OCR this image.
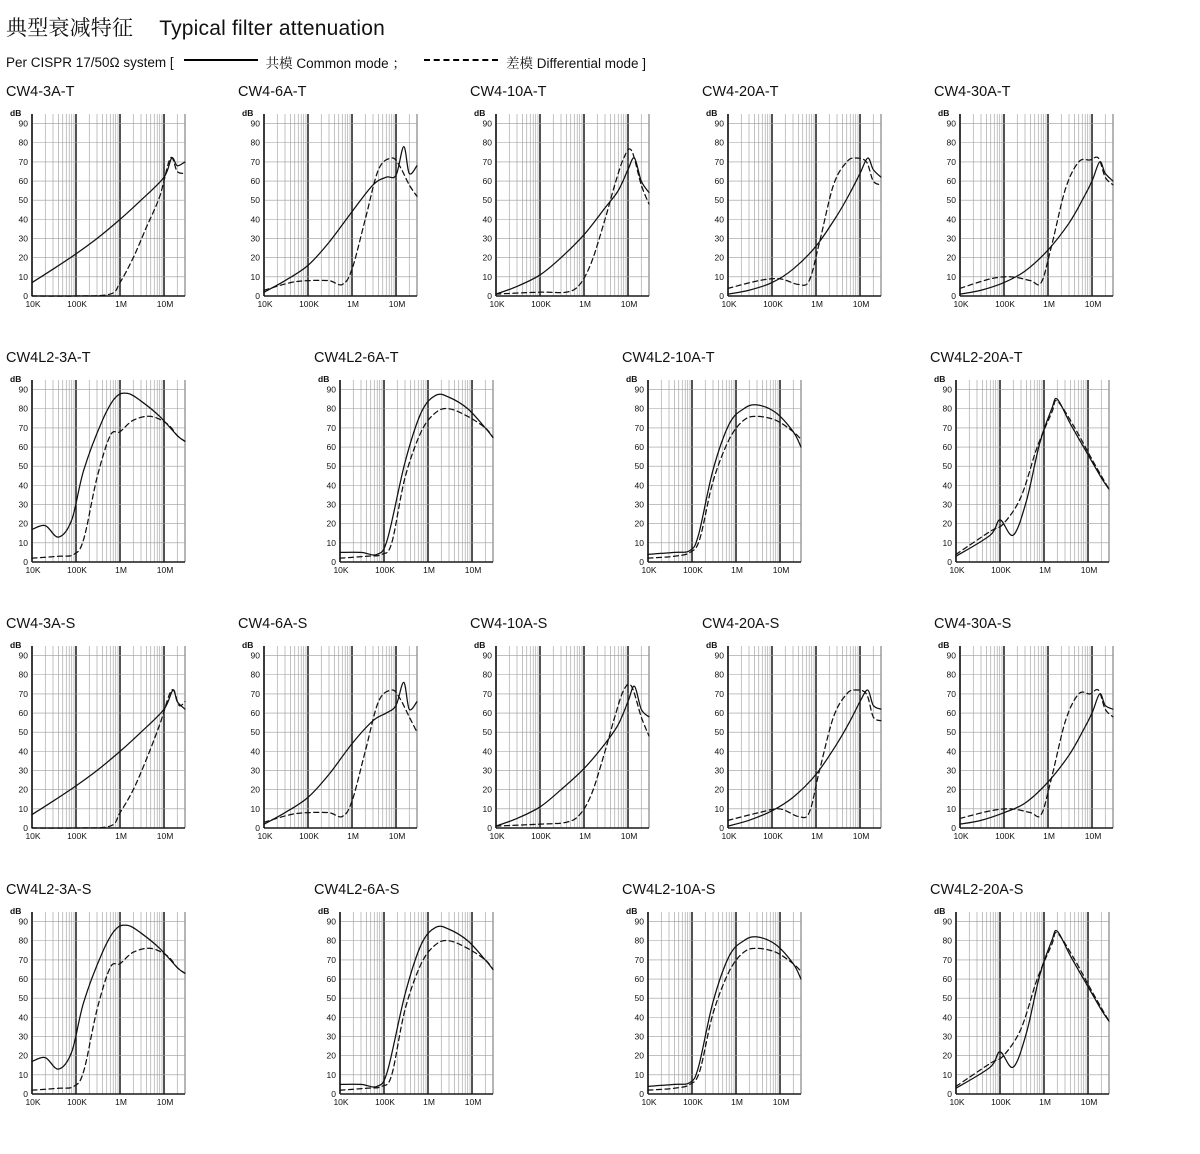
典型衰减特征 Typical filter attenuation
Per CISPR 17/50Ω system [	共模 Common mode ；	差模 Differential mode ]
CW4-3A-T
0
10
20
30
40
50
60
70
80
90
dB
10K	100K	1M	10M
CW4-6A-T
0
10
20
30
40
50
60
70
80
90
dB
10K	100K	1M	10M
CW4-10A-T
0
10
20
30
40
50
60
70
80
90
dB
10K	100K	1M	10M
CW4-20A-T
0
10
20
30
40
50
60
70
80
90
dB
10K	100K	1M	10M
CW4-30A-T
0
10
20
30
40
50
60
70
80
90
dB
10K	100K	1M	10M
CW4L2-3A-T
0
10
20
30
40
50
60
70
80
90
dB
10K	100K	1M	10M
CW4L2-6A-T
0
10
20
30
40
50
60
70
80
90
dB
10K	100K	1M	10M
CW4L2-10A-T
0
10
20
30
40
50
60
70
80
90
dB
10K	100K	1M	10M
CW4L2-20A-T
0
10
20
30
40
50
60
70
80
90
dB
10K	100K	1M	10M
CW4-3A-S
0
10
20
30
40
50
60
70
80
90
dB
10K	100K	1M	10M
CW4-6A-S
0
10
20
30
40
50
60
70
80
90
dB
10K	100K	1M	10M
CW4-10A-S
0
10
20
30
40
50
60
70
80
90
dB
10K	100K	1M	10M
CW4-20A-S
0
10
20
30
40
50
60
70
80
90
dB
10K	100K	1M	10M
CW4-30A-S
0
10
20
30
40
50
60
70
80
90
dB
10K	100K	1M	10M
CW4L2-3A-S
0
10
20
30
40
50
60
70
80
90
dB
10K	100K	1M	10M
CW4L2-6A-S
0
10
20
30
40
50
60
70
80
90
dB
10K	100K	1M	10M
CW4L2-10A-S
0
10
20
30
40
50
60
70
80
90
dB
10K	100K	1M	10M
CW4L2-20A-S
0
10
20
30
40
50
60
70
80
90
dB
10K	100K	1M	10M
